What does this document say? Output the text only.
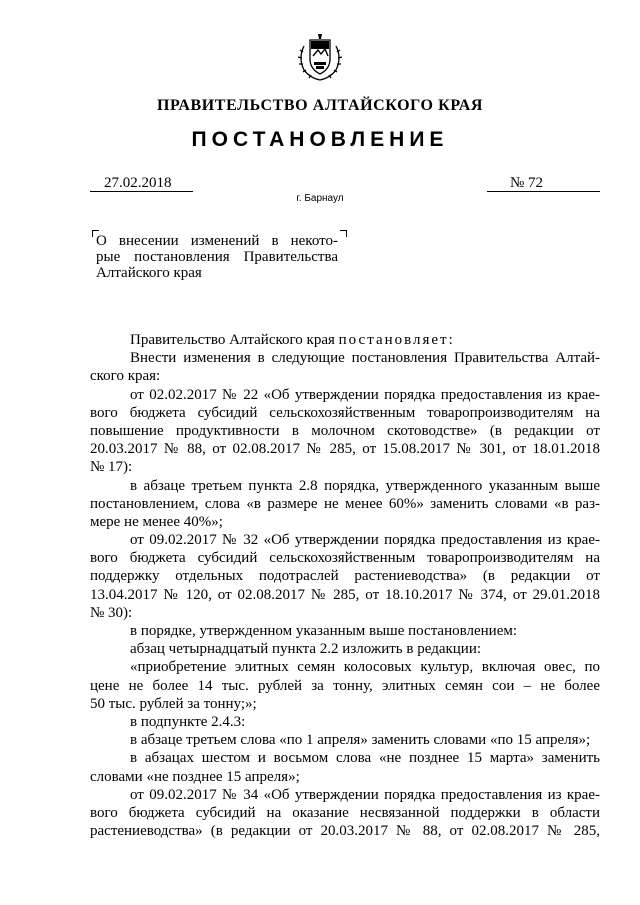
ПРАВИТЕЛЬСТВО АЛТАЙСКОГО КРАЯ
ПОСТАНОВЛЕНИЕ
27.02.2018	№ 72
г. Барнаул
О внесении изменений в некото-
рые постановления Правительства
Алтайского края
Правительство Алтайского края постановляет:
Внести изменения в следующие постановления Правительства Алтай-
ского края:
от 02.02.2017 № 22 «Об утверждении порядка предоставления из крае-
вого бюджета субсидий сельскохозяйственным товаропроизводителям на
повышение продуктивности в молочном скотоводстве» (в редакции от
20.03.2017 № 88, от 02.08.2017 № 285, от 15.08.2017 № 301, от 18.01.2018
№ 17):
в абзаце третьем пункта 2.8 порядка, утвержденного указанным выше
постановлением, слова «в размере не менее 60%» заменить словами «в раз-
мере не менее 40%»;
от 09.02.2017 № 32 «Об утверждении порядка предоставления из крае-
вого бюджета субсидий сельскохозяйственным товаропроизводителям на
поддержку отдельных подотраслей растениеводства» (в редакции от
13.04.2017 № 120, от 02.08.2017 № 285, от 18.10.2017 № 374, от 29.01.2018
№ 30):
в порядке, утвержденном указанным выше постановлением:
абзац четырнадцатый пункта 2.2 изложить в редакции:
«приобретение элитных семян колосовых культур, включая овес, по
цене не более 14 тыс. рублей за тонну, элитных семян сои – не более
50 тыс. рублей за тонну;»;
в подпункте 2.4.3:
в абзаце третьем слова «по 1 апреля» заменить словами «по 15 апреля»;
в абзацах шестом и восьмом слова «не позднее 15 марта» заменить
словами «не позднее 15 апреля»;
от 09.02.2017 № 34 «Об утверждении порядка предоставления из крае-
вого бюджета субсидий на оказание несвязанной поддержки в области
растениеводства» (в редакции от 20.03.2017 № 88, от 02.08.2017 № 285,
